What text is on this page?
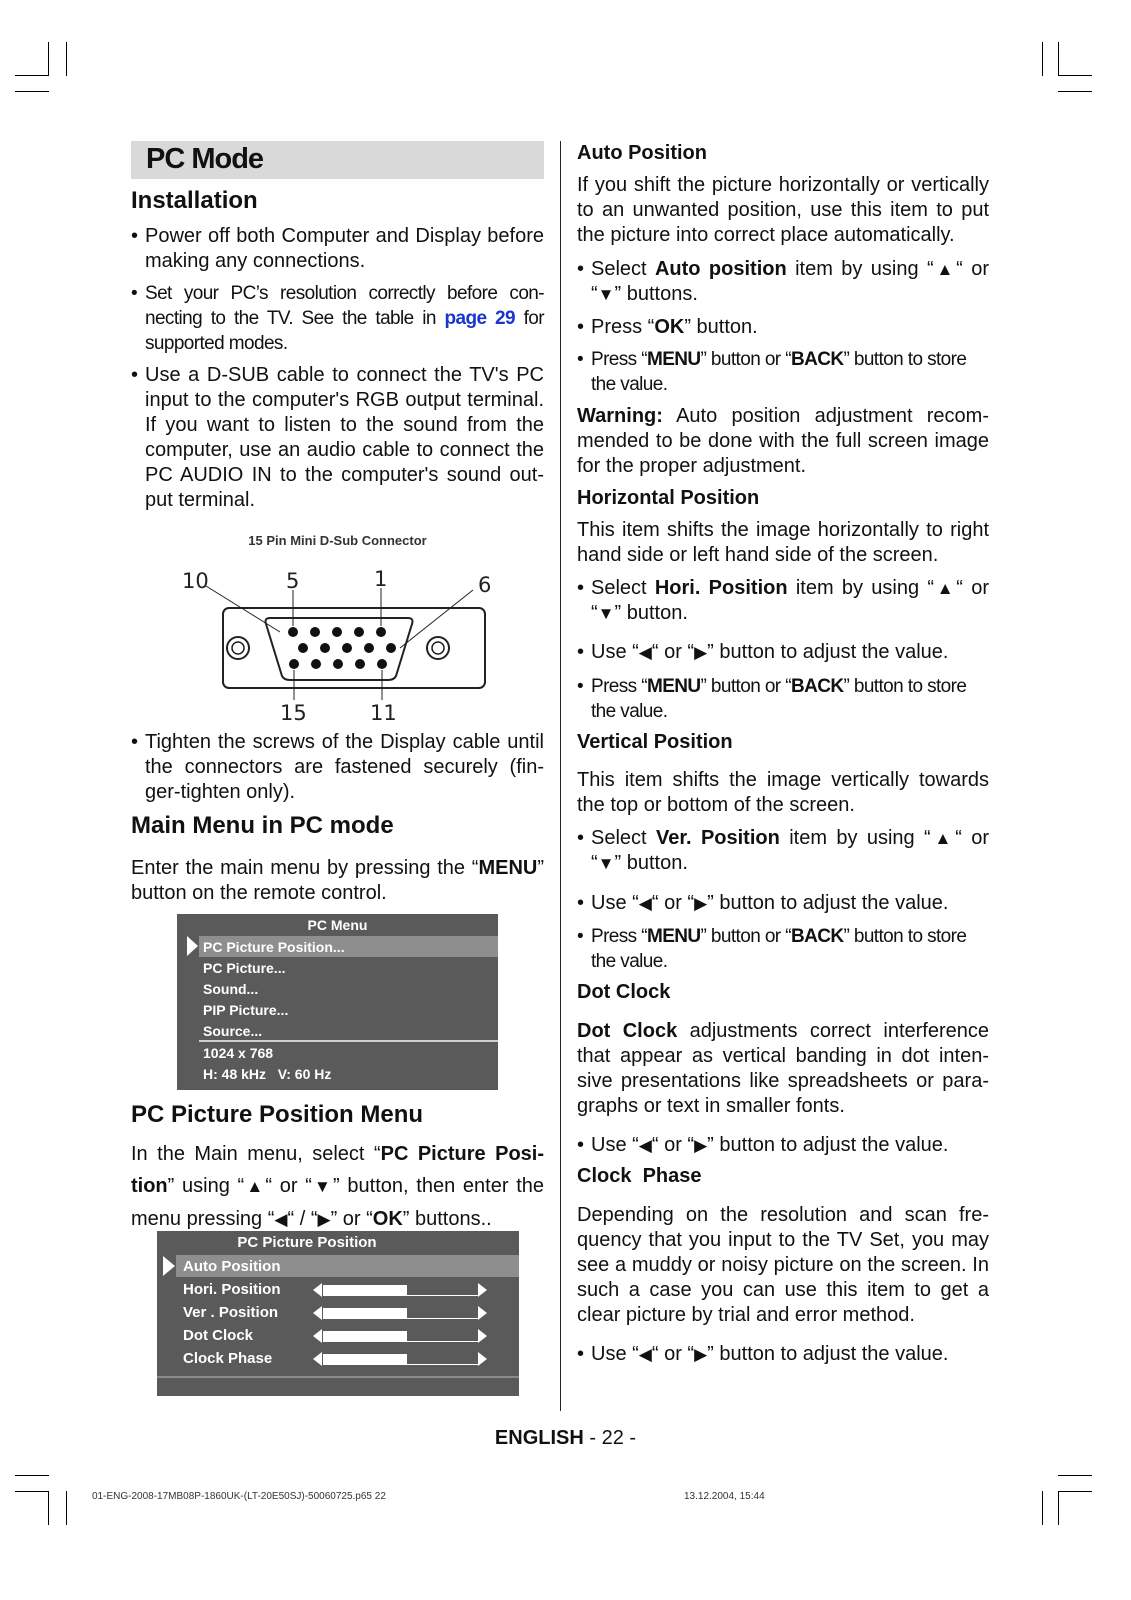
PC Mode
Installation

• Power off both Computer and Display before making any connections.

• Set your PC’s resolution correctly before con-necting to the TV. See the table in page 29 for supported modes.

• Use a D-SUB cable to connect the TV's PC input to the computer's RGB output terminal. If you want to listen to the sound from the computer, use an audio cable to connect the PC AUDIO IN to the computer's sound out-put terminal.

15 Pin Mini D-Sub Connector
10	5	1	6
15	11

• Tighten the screws of the Display cable until the connectors are fastened securely (fin-ger-tighten only).

Main Menu in PC mode

Enter the main menu by pressing the “MENU” button on the remote control.

PC Menu
PC Picture Position...
PC Picture...
Sound...
PIP Picture...
Source...
1024 x 768
H: 48 kHz   V: 60 Hz
PC Picture Position Menu

In the Main menu, select “PC Picture Posi-tion” using “▲“ or “▼” button, then enter the menu pressing “◀“ / “▶” or “OK” buttons..

PC Picture Position
Auto Position
Hori. Position
Ver . Position
Dot Clock
Clock Phase
Auto Position

If you shift the picture horizontally or vertically to an unwanted position, use this item to put the picture into correct place automatically.

• Select Auto position item by using “▲“ or “▼” buttons.

• Press “OK” button.

• Press “MENU” button or “BACK” button to store the value.

Warning: Auto position adjustment recom-mended to be done with the full screen image for the proper adjustment.

Horizontal Position

This item shifts the image horizontally to right hand side or left hand side of the screen.

• Select Hori. Position item by using “▲“ or “▼” button.

• Use “◀“ or “▶” button to adjust the value.

• Press “MENU” button or “BACK” button to store the value.

Vertical Position

This item shifts the image vertically towards the top or bottom of the screen.

• Select Ver. Position item by using “▲“ or “▼” button.

• Use “◀“ or “▶” button to adjust the value.

• Press “MENU” button or “BACK” button to store the value.

Dot Clock

Dot Clock adjustments correct interference that appear as vertical banding in dot inten-sive presentations like spreadsheets or para-graphs or text in smaller fonts.

• Use “◀“ or “▶” button to adjust the value.

Clock  Phase

Depending on the resolution and scan fre-quency that you input to the TV Set, you may see a muddy or noisy picture on the screen. In such a case you can use this item to get a clear picture by trial and error method.

• Use “◀“ or “▶” button to adjust the value.

ENGLISH - 22 -
01-ENG-2008-17MB08P-1860UK-(LT-20E50SJ)-50060725.p65 22	13.12.2004, 15:44
